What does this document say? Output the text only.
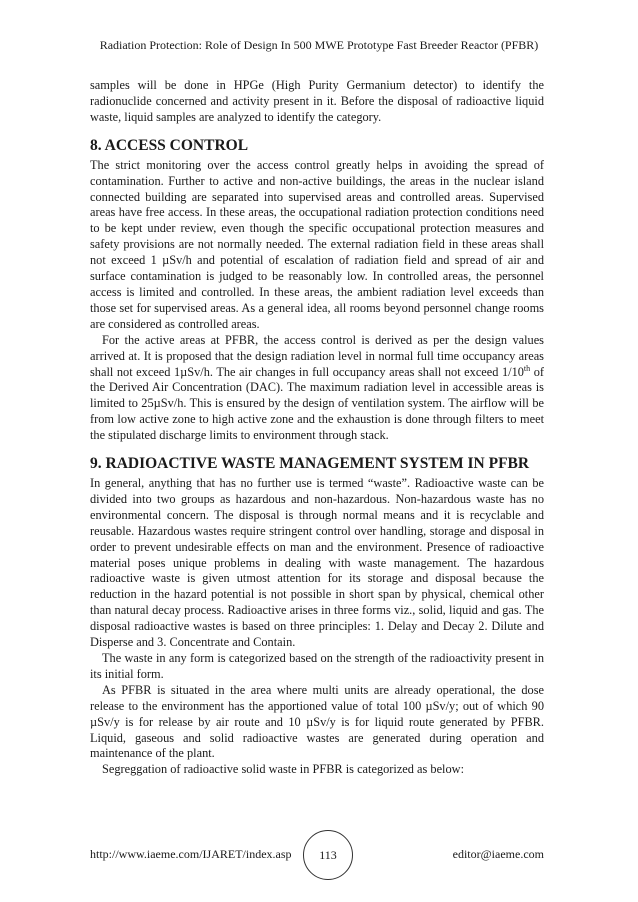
Radiation Protection: Role of Design In 500 MWE Prototype Fast Breeder Reactor (PFBR)

samples will be done in HPGe (High Purity Germanium detector) to identify the radionuclide concerned and activity present in it. Before the disposal of radioactive liquid waste, liquid samples are analyzed to identify the category.

8. ACCESS CONTROL

The strict monitoring over the access control greatly helps in avoiding the spread of contamination. Further to active and non-active buildings, the areas in the nuclear island connected building are separated into supervised areas and controlled areas. Supervised areas have free access. In these areas, the occupational radiation protection conditions need to be kept under review, even though the specific occupational protection measures and safety provisions are not normally needed. The external radiation field in these areas shall not exceed 1 µSv/h and potential of escalation of radiation field and spread of air and surface contamination is judged to be reasonably low. In controlled areas, the personnel access is limited and controlled. In these areas, the ambient radiation level exceeds than those set for supervised areas. As a general idea, all rooms beyond personnel change rooms are considered as controlled areas.

For the active areas at PFBR, the access control is derived as per the design values arrived at. It is proposed that the design radiation level in normal full time occupancy areas shall not exceed 1µSv/h. The air changes in full occupancy areas shall not exceed 1/10th of the Derived Air Concentration (DAC). The maximum radiation level in accessible areas is limited to 25µSv/h. This is ensured by the design of ventilation system. The airflow will be from low active zone to high active zone and the exhaustion is done through filters to meet the stipulated discharge limits to environment through stack.

9. RADIOACTIVE WASTE MANAGEMENT SYSTEM IN PFBR

In general, anything that has no further use is termed “waste”. Radioactive waste can be divided into two groups as hazardous and non-hazardous. Non-hazardous waste has no environmental concern. The disposal is through normal means and it is recyclable and reusable. Hazardous wastes require stringent control over handling, storage and disposal in order to prevent undesirable effects on man and the environment. Presence of radioactive material poses unique problems in dealing with waste management. The hazardous radioactive waste is given utmost attention for its storage and disposal because the reduction in the hazard potential is not possible in short span by physical, chemical other than natural decay process. Radioactive arises in three forms viz., solid, liquid and gas. The disposal radioactive wastes is based on three principles: 1. Delay and Decay 2. Dilute and Disperse and 3. Concentrate and Contain.

The waste in any form is categorized based on the strength of the radioactivity present in its initial form.

As PFBR is situated in the area where multi units are already operational, the dose release to the environment has the apportioned value of total 100 µSv/y; out of which 90 µSv/y is for release by air route and 10 µSv/y is for liquid route generated by PFBR. Liquid, gaseous and solid radioactive wastes are generated during operation and maintenance of the plant.

Segreggation of radioactive solid waste in PFBR is categorized as below:

http://www.iaeme.com/IJARET/index.asp	113	editor@iaeme.com
